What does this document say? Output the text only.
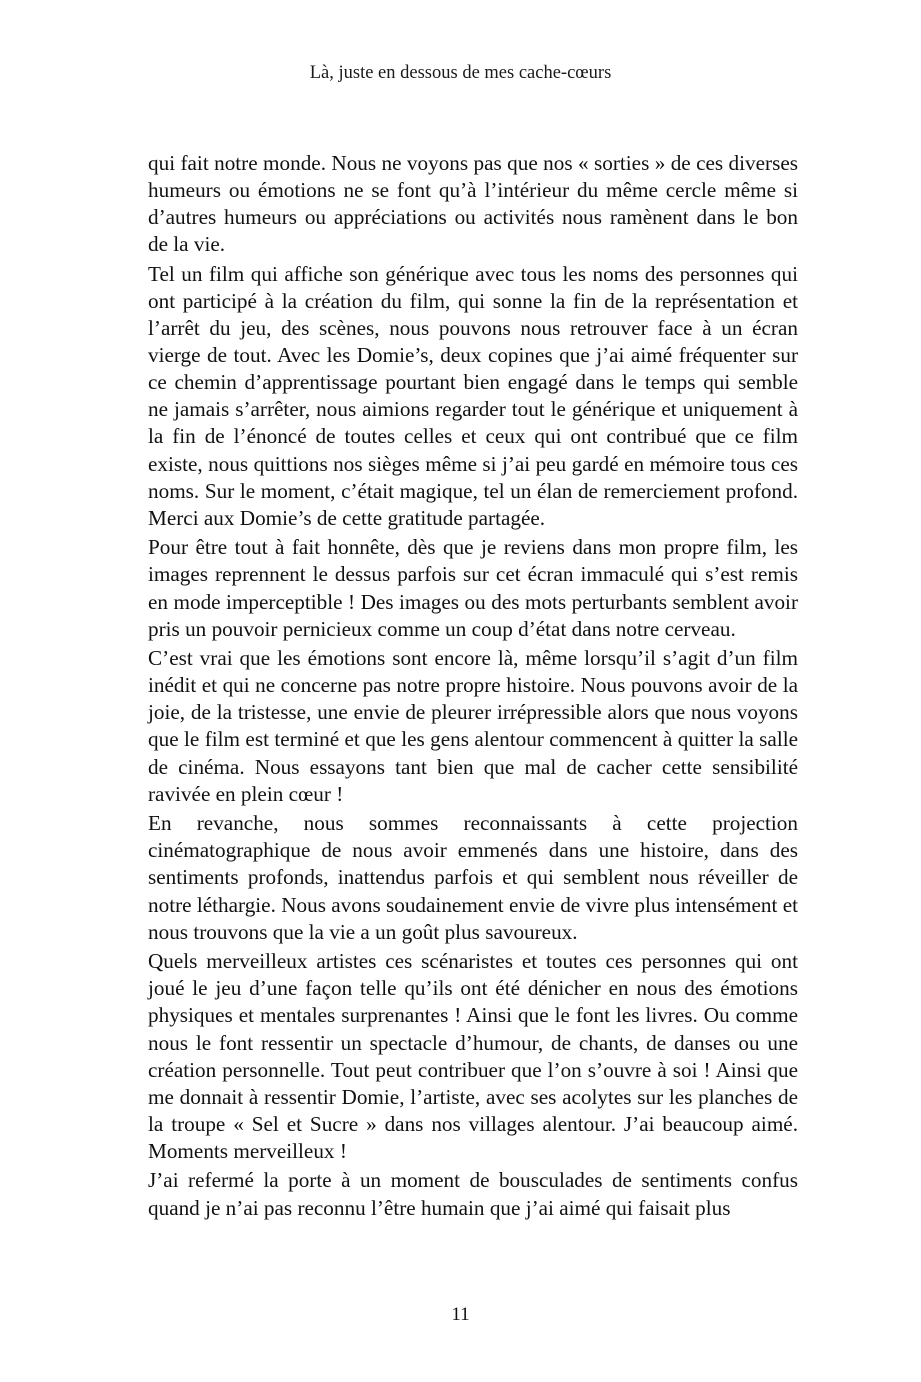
Là, juste en dessous de mes cache-cœurs

qui fait notre monde. Nous ne voyons pas que nos « sorties » de ces diverses humeurs ou émotions ne se font qu’à l’intérieur du même cercle même si d’autres humeurs ou appréciations ou activités nous ramènent dans le bon de la vie.

Tel un film qui affiche son générique avec tous les noms des personnes qui ont participé à la création du film, qui sonne la fin de la représentation et l’arrêt du jeu, des scènes, nous pouvons nous retrouver face à un écran vierge de tout. Avec les Domie’s, deux copines que j’ai aimé fréquenter sur ce chemin d’apprentissage pourtant bien engagé dans le temps qui semble ne jamais s’arrêter, nous aimions regarder tout le générique et uniquement à la fin de l’énoncé de toutes celles et ceux qui ont contribué que ce film existe, nous quittions nos sièges même si j’ai peu gardé en mémoire tous ces noms. Sur le moment, c’était magique, tel un élan de remerciement profond. Merci aux Domie’s de cette gratitude partagée.

Pour être tout à fait honnête, dès que je reviens dans mon propre film, les images reprennent le dessus parfois sur cet écran immaculé qui s’est remis en mode imperceptible ! Des images ou des mots perturbants semblent avoir pris un pouvoir pernicieux comme un coup d’état dans notre cerveau.

C’est vrai que les émotions sont encore là, même lorsqu’il s’agit d’un film inédit et qui ne concerne pas notre propre histoire. Nous pouvons avoir de la joie, de la tristesse, une envie de pleurer irrépressible alors que nous voyons que le film est terminé et que les gens alentour commencent à quitter la salle de cinéma. Nous essayons tant bien que mal de cacher cette sensibilité ravivée en plein cœur !

En revanche, nous sommes reconnaissants à cette projection cinématographique de nous avoir emmenés dans une histoire, dans des sentiments profonds, inattendus parfois et qui semblent nous réveiller de notre léthargie. Nous avons soudainement envie de vivre plus intensément et nous trouvons que la vie a un goût plus savoureux.

Quels merveilleux artistes ces scénaristes et toutes ces personnes qui ont joué le jeu d’une façon telle qu’ils ont été dénicher en nous des émotions physiques et mentales surprenantes ! Ainsi que le font les livres. Ou comme nous le font ressentir un spectacle d’humour, de chants, de danses ou une création personnelle. Tout peut contribuer que l’on s’ouvre à soi ! Ainsi que me donnait à ressentir Domie, l’artiste, avec ses acolytes sur les planches de la troupe « Sel et Sucre » dans nos villages alentour. J’ai beaucoup aimé. Moments merveilleux !

J’ai refermé la porte à un moment de bousculades de sentiments confus quand je n’ai pas reconnu l’être humain que j’ai aimé qui faisait plus

11
